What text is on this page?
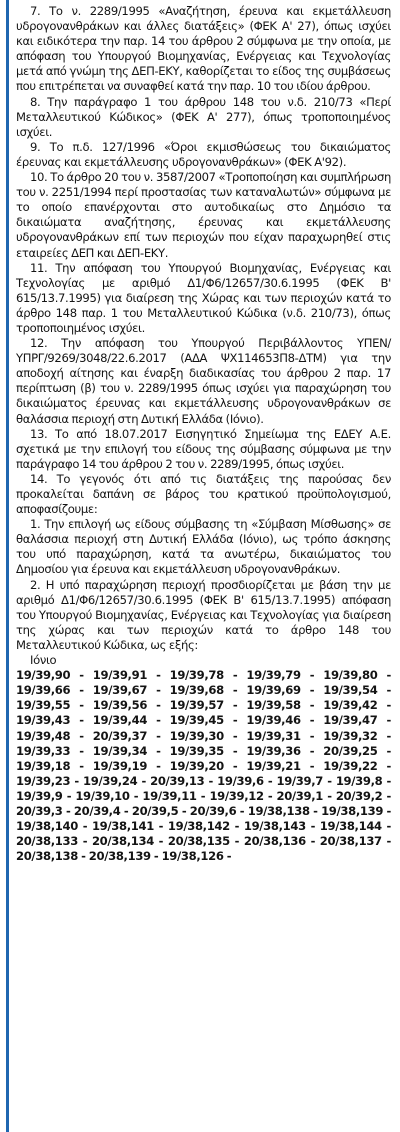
7. Το ν. 2289/1995 «Αναζήτηση, έρευνα και εκμετάλλευση υδρογονανθράκων και άλλες διατάξεις» (ΦΕΚ Α' 27), όπως ισχύει και ειδικότερα την παρ. 14 του άρθρου 2 σύμφωνα με την οποία, με απόφαση του Υπουργού Βιομηχανίας, Ενέργειας και Τεχνολογίας μετά από γνώμη της ΔΕΠ-ΕΚΥ, καθορίζεται το είδος της συμβάσεως που επιτρέπεται να συναφθεί κατά την παρ. 10 του ιδίου άρθρου.

8. Την παράγραφο 1 του άρθρου 148 του ν.δ. 210/73 «Περί Μεταλλευτικού Κώδικος» (ΦΕΚ Α' 277), όπως τροποποιημένος ισχύει.

9. Το π.δ. 127/1996 «Όροι εκμισθώσεως του δικαιώματος έρευνας και εκμετάλλευσης υδρογονανθράκων» (ΦΕΚ Α'92).

10. Το άρθρο 20 του ν. 3587/2007 «Τροποποίηση και συμπλήρωση του ν. 2251/1994 περί προστασίας των καταναλωτών» σύμφωνα με το οποίο επανέρχονται στο αυτοδικαίως στο Δημόσιο τα δικαιώματα αναζήτησης, έρευνας και εκμετάλλευσης υδρογονανθράκων επί των περιοχών που είχαν παραχωρηθεί στις εταιρείες ΔΕΠ και ΔΕΠ-ΕΚΥ.

11. Την απόφαση του Υπουργού Βιομηχανίας, Ενέργειας και Τεχνολογίας με αριθμό Δ1/Φ6/12657/30.6.1995 (ΦΕΚ Β' 615/13.7.1995) για διαίρεση της Χώρας και των περιοχών κατά το άρθρο 148 παρ. 1 του Μεταλλευτικού Κώδικα (ν.δ. 210/73), όπως τροποποιημένος ισχύει.

12. Την απόφαση του Υπουργού Περιβάλλοντος ΥΠΕΝ/ΥΠΡΓ/9269/3048/22.6.2017 (ΑΔΑ ΨΧ114653Π8-ΔΤΜ) για την αποδοχή αίτησης και έναρξη διαδικασίας του άρθρου 2 παρ. 17 περίπτωση (β) του ν. 2289/1995 όπως ισχύει για παραχώρηση του δικαιώματος έρευνας και εκμετάλλευσης υδρογονανθράκων σε θαλάσσια περιοχή στη Δυτική Ελλάδα (Ιόνιο).

13. Το από 18.07.2017 Εισηγητικό Σημείωμα της ΕΔΕΥ Α.Ε. σχετικά με την επιλογή του είδους της σύμβασης σύμφωνα με την παράγραφο 14 του άρθρου 2 του ν. 2289/1995, όπως ισχύει.

14. Το γεγονός ότι από τις διατάξεις της παρούσας δεν προκαλείται δαπάνη σε βάρος του κρατικού προϋπολογισμού, αποφασίζουμε:

1. Την επιλογή ως είδους σύμβασης τη «Σύμβαση Μίσθωσης» σε θαλάσσια περιοχή στη Δυτική Ελλάδα (Ιόνιο), ως τρόπο άσκησης του υπό παραχώρηση, κατά τα ανωτέρω, δικαιώματος του Δημοσίου για έρευνα και εκμετάλλευση υδρογονανθράκων.

2. Η υπό παραχώρηση περιοχή προσδιορίζεται με βάση την με αριθμό Δ1/Φ6/12657/30.6.1995 (ΦΕΚ Β' 615/13.7.1995) απόφαση του Υπουργού Βιομηχανίας, Ενέργειας και Τεχνολογίας για διαίρεση της χώρας και των περιοχών κατά το άρθρο 148 του Μεταλλευτικού Κώδικα, ως εξής:

Ιόνιο

19/39,90 - 19/39,91 - 19/39,78 - 19/39,79 - 19/39,80 - 19/39,66 - 19/39,67 - 19/39,68 - 19/39,69 - 19/39,54 - 19/39,55 - 19/39,56 - 19/39,57 - 19/39,58 - 19/39,42 - 19/39,43 - 19/39,44 - 19/39,45 - 19/39,46 - 19/39,47 - 19/39,48 - 20/39,37 - 19/39,30 - 19/39,31 - 19/39,32 - 19/39,33 - 19/39,34 - 19/39,35 - 19/39,36 - 20/39,25 - 19/39,18 - 19/39,19 - 19/39,20 - 19/39,21 - 19/39,22 - 19/39,23 - 19/39,24 - 20/39,13 - 19/39,6 - 19/39,7 - 19/39,8 - 19/39,9 - 19/39,10 - 19/39,11 - 19/39,12 - 20/39,1 - 20/39,2 - 20/39,3 - 20/39,4 - 20/39,5 - 20/39,6 - 19/38,138 - 19/38,139 - 19/38,140 - 19/38,141 - 19/38,142 - 19/38,143 - 19/38,144 - 20/38,133 - 20/38,134 - 20/38,135 - 20/38,136 - 20/38,137 - 20/38,138 - 20/38,139 - 19/38,126 -
